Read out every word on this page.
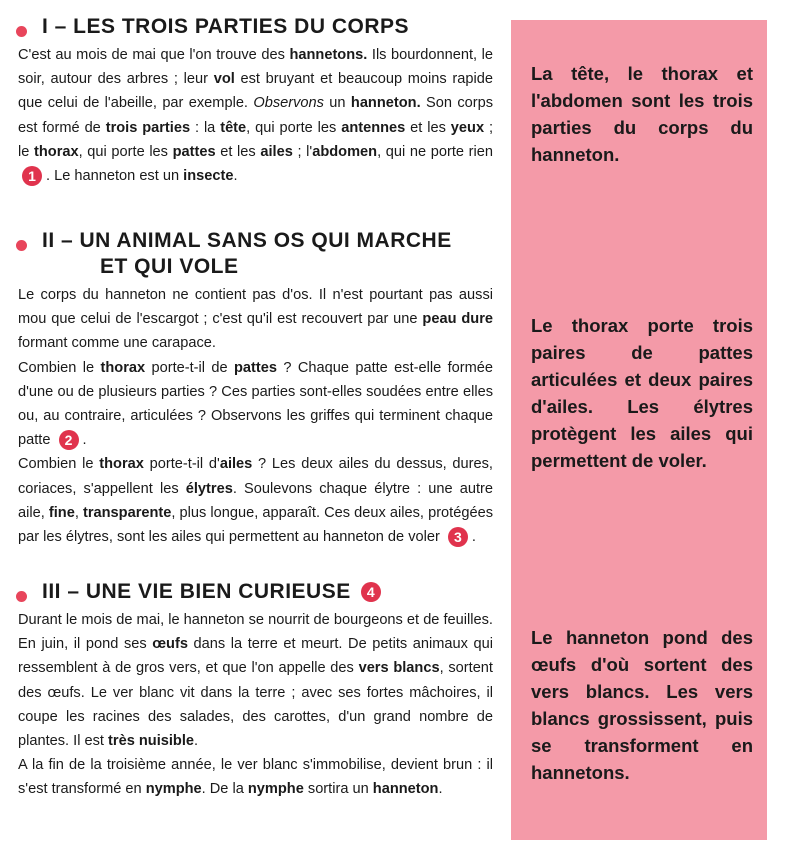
I – LES TROIS PARTIES DU CORPS

C'est au mois de mai que l'on trouve des hannetons. Ils bourdonnent, le soir, autour des arbres ; leur vol est bruyant et beaucoup moins rapide que celui de l'abeille, par exemple. Observons un hanneton. Son corps est formé de trois parties : la tête, qui porte les antennes et les yeux ; le thorax, qui porte les pattes et les ailes ; l'abdomen, qui ne porte rien 1 . Le hanneton est un insecte.

II – UN ANIMAL SANS OS QUI MARCHE
ET QUI VOLE

Le corps du hanneton ne contient pas d'os. Il n'est pourtant pas aussi mou que celui de l'escargot ; c'est qu'il est recouvert par une peau dure formant comme une carapace.

Combien le thorax porte-t-il de pattes ? Chaque patte est-elle formée d'une ou de plusieurs parties ? Ces parties sont-elles soudées entre elles ou, au contraire, articulées ? Observons les griffes qui terminent chaque patte 2 .

Combien le thorax porte-t-il d'ailes ? Les deux ailes du dessus, dures, coriaces, s'appellent les élytres. Soulevons chaque élytre : une autre aile, fine, transparente, plus longue, apparaît. Ces deux ailes, protégées par les élytres, sont les ailes qui permettent au hanneton de voler 3 .

III – UNE VIE BIEN CURIEUSE 4

Durant le mois de mai, le hanneton se nourrit de bourgeons et de feuilles. En juin, il pond ses œufs dans la terre et meurt. De petits animaux qui ressemblent à de gros vers, et que l'on appelle des vers blancs, sortent des œufs. Le ver blanc vit dans la terre ; avec ses fortes mâchoires, il coupe les racines des salades, des carottes, d'un grand nombre de plantes. Il est très nuisible.

A la fin de la troisième année, le ver blanc s'immobilise, devient brun : il s'est transformé en nymphe. De la nymphe sortira un hanneton.

La tête, le thorax et l'abdomen sont les trois parties du corps du hanneton.

Le thorax porte trois paires de pattes articulées et deux paires d'ailes. Les élytres protègent les ailes qui permettent de voler.

Le hanneton pond des œufs d'où sortent des vers blancs. Les vers blancs grossissent, puis se transforment en hannetons.
